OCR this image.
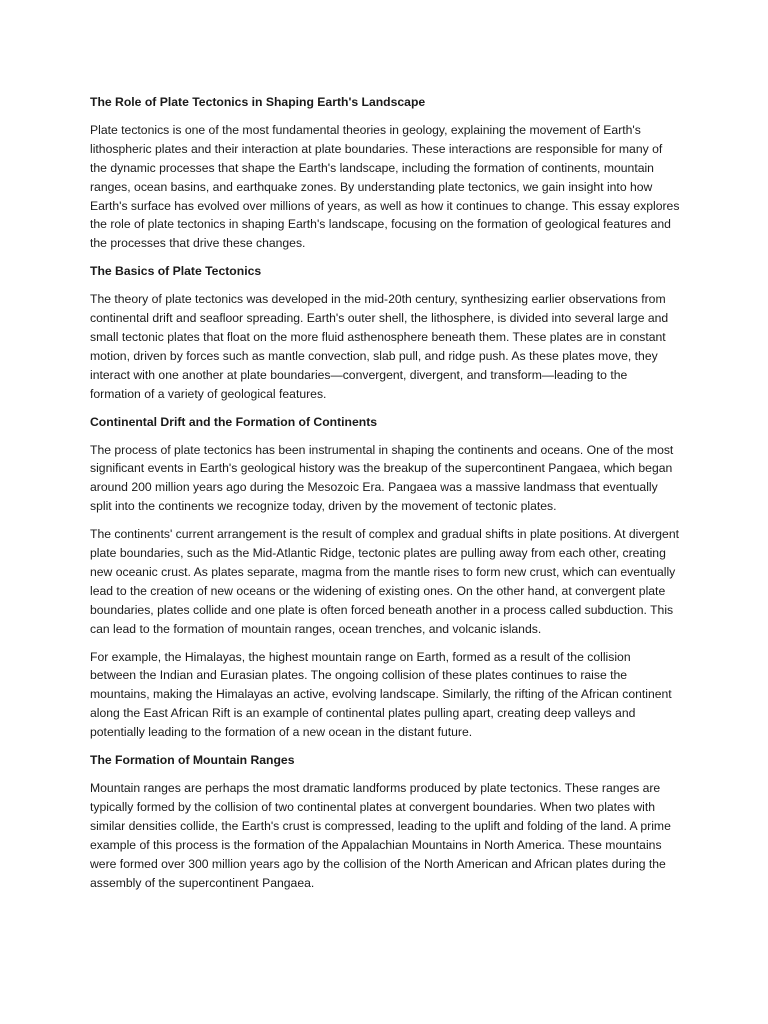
The Role of Plate Tectonics in Shaping Earth's Landscape

Plate tectonics is one of the most fundamental theories in geology, explaining the movement of Earth's lithospheric plates and their interaction at plate boundaries. These interactions are responsible for many of the dynamic processes that shape the Earth's landscape, including the formation of continents, mountain ranges, ocean basins, and earthquake zones. By understanding plate tectonics, we gain insight into how Earth's surface has evolved over millions of years, as well as how it continues to change. This essay explores the role of plate tectonics in shaping Earth's landscape, focusing on the formation of geological features and the processes that drive these changes.

The Basics of Plate Tectonics

The theory of plate tectonics was developed in the mid-20th century, synthesizing earlier observations from continental drift and seafloor spreading. Earth's outer shell, the lithosphere, is divided into several large and small tectonic plates that float on the more fluid asthenosphere beneath them. These plates are in constant motion, driven by forces such as mantle convection, slab pull, and ridge push. As these plates move, they interact with one another at plate boundaries—convergent, divergent, and transform—leading to the formation of a variety of geological features.

Continental Drift and the Formation of Continents

The process of plate tectonics has been instrumental in shaping the continents and oceans. One of the most significant events in Earth's geological history was the breakup of the supercontinent Pangaea, which began around 200 million years ago during the Mesozoic Era. Pangaea was a massive landmass that eventually split into the continents we recognize today, driven by the movement of tectonic plates.

The continents' current arrangement is the result of complex and gradual shifts in plate positions. At divergent plate boundaries, such as the Mid-Atlantic Ridge, tectonic plates are pulling away from each other, creating new oceanic crust. As plates separate, magma from the mantle rises to form new crust, which can eventually lead to the creation of new oceans or the widening of existing ones. On the other hand, at convergent plate boundaries, plates collide and one plate is often forced beneath another in a process called subduction. This can lead to the formation of mountain ranges, ocean trenches, and volcanic islands.

For example, the Himalayas, the highest mountain range on Earth, formed as a result of the collision between the Indian and Eurasian plates. The ongoing collision of these plates continues to raise the mountains, making the Himalayas an active, evolving landscape. Similarly, the rifting of the African continent along the East African Rift is an example of continental plates pulling apart, creating deep valleys and potentially leading to the formation of a new ocean in the distant future.

The Formation of Mountain Ranges

Mountain ranges are perhaps the most dramatic landforms produced by plate tectonics. These ranges are typically formed by the collision of two continental plates at convergent boundaries. When two plates with similar densities collide, the Earth's crust is compressed, leading to the uplift and folding of the land. A prime example of this process is the formation of the Appalachian Mountains in North America. These mountains were formed over 300 million years ago by the collision of the North American and African plates during the assembly of the supercontinent Pangaea.
